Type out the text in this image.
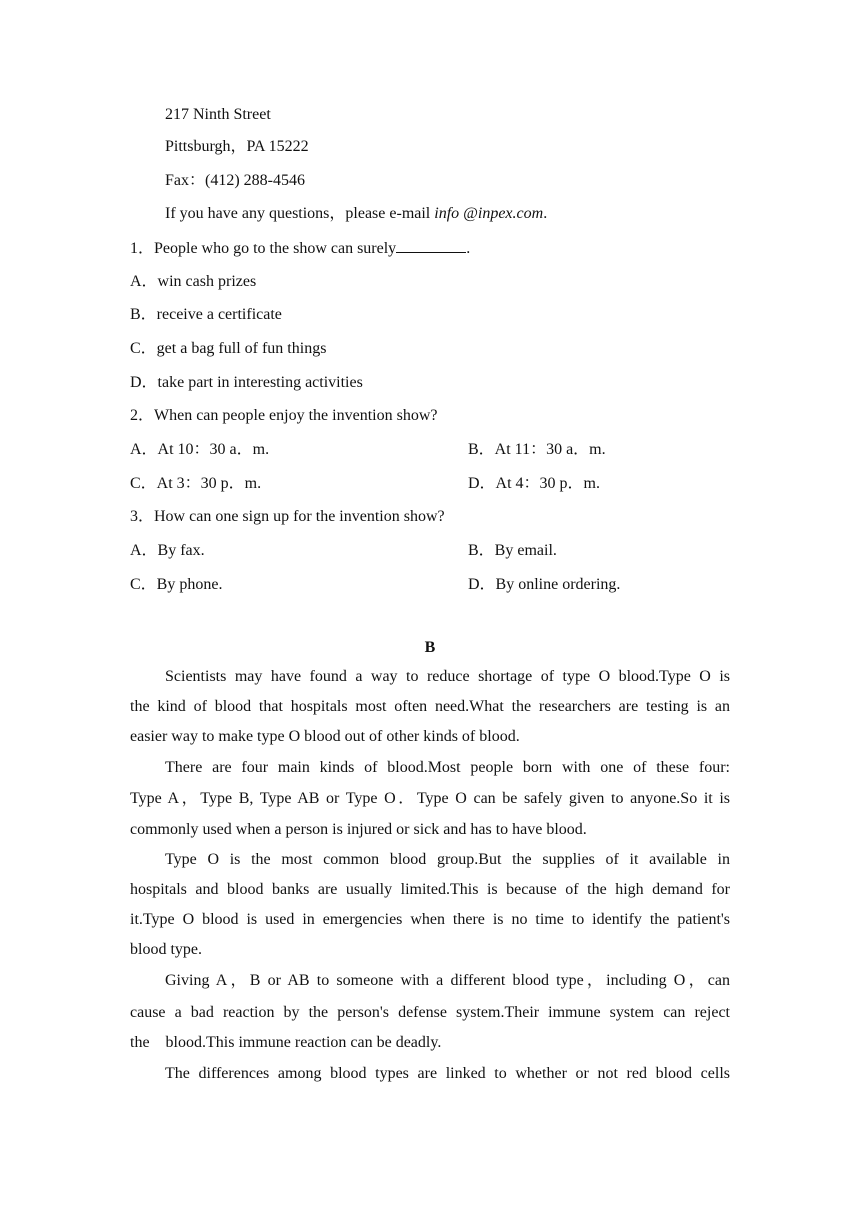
217 Ninth Street
Pittsburgh，PA 15222
Fax：(412) 288-4546
If you have any questions，please e-mail info @inpex.com.
1．People who go to the show can surely	.
A．win cash prizes
B．receive a certificate
C．get a bag full of fun things
D．take part in interesting activities
2．When can people enjoy the invention show?
A．At 10：30 a．m.	B．At 11：30 a．m.
C．At 3：30 p．m.	D．At 4：30 p．m.
3．How can one sign up for the invention show?
A．By fax.	B．By email.
C．By phone.	D．By online ordering.
B
Scientists may have found a way to reduce shortage of type O blood.Type O is
the kind of blood that hospitals most often need.What the researchers are testing is an
easier way to make type O blood out of other kinds of blood.
There are four main kinds of blood.Most people born with one of these four:
Type A，Type B, Type AB or Type O．Type O can be safely given to anyone.So it is
commonly used when a person is injured or sick and has to have blood.
Type O is the most common blood group.But the supplies of it available in
hospitals and blood banks are usually limited.This is because of the high demand for
it.Type O blood is used in emergencies when there is no time to identify the patient's
blood type.
Giving A，B or AB to someone with a different blood type，including O，can
cause a bad reaction by the person's defense system.Their immune system can reject
the    blood.This immune reaction can be deadly.
The differences among blood types are linked to whether or not red blood cells
